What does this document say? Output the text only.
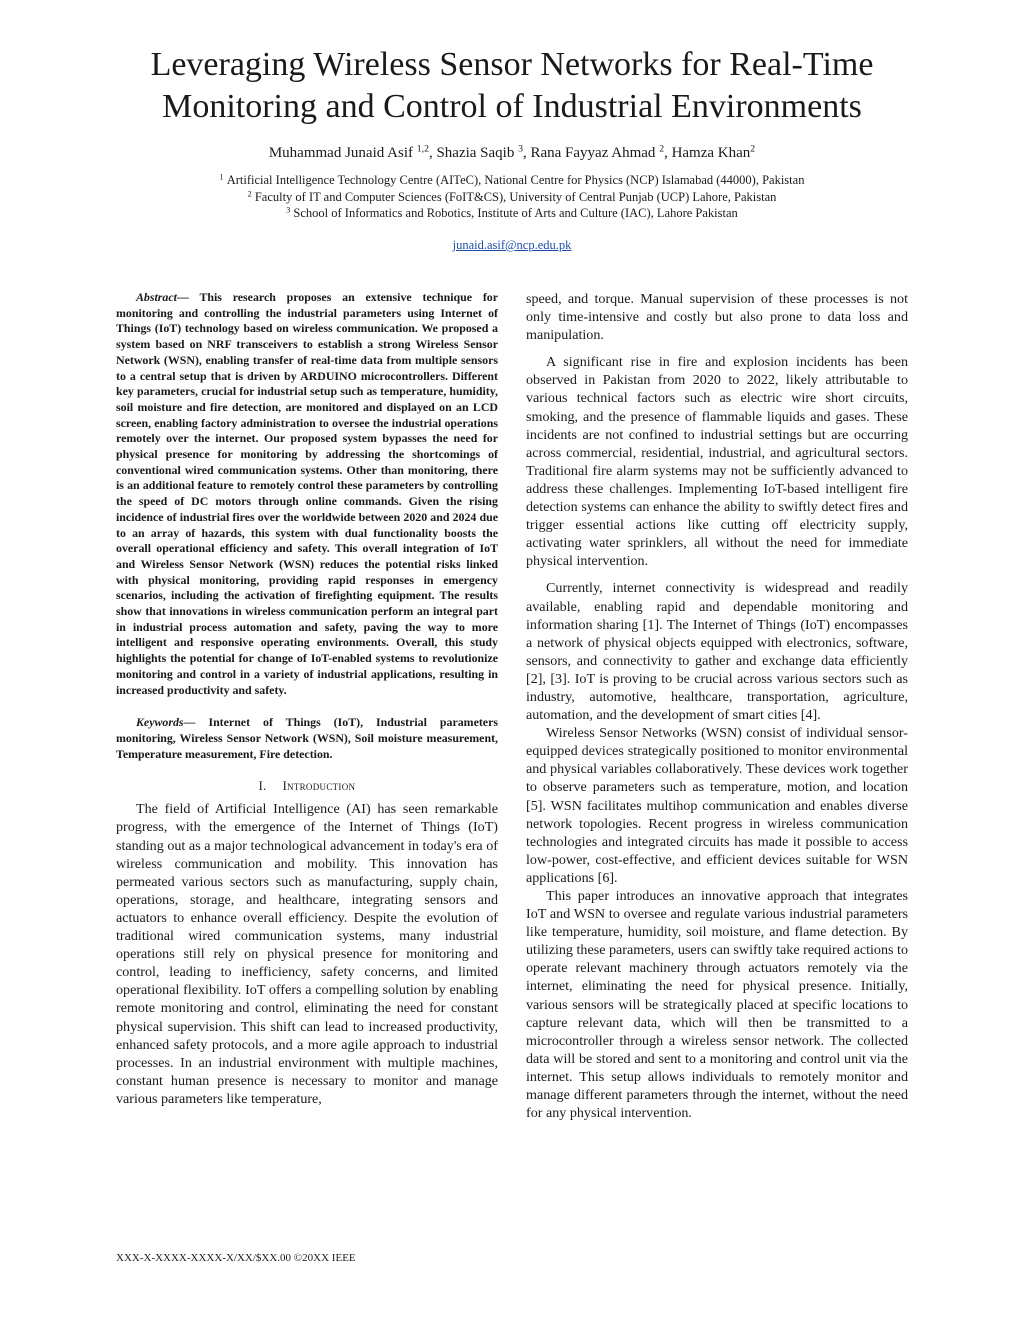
Leveraging Wireless Sensor Networks for Real-Time
Monitoring and Control of Industrial Environments
Muhammad Junaid Asif $^{1,2}$, Shazia Saqib $^3$, Rana Fayyaz Ahmad $^2$, Hamza Khan$^2$
$^1$ Artificial Intelligence Technology Centre (AITeC), National Centre for Physics (NCP) Islamabad (44000), Pakistan
$^2$ Faculty of IT and Computer Sciences (FoIT&CS), University of Central Punjab (UCP) Lahore, Pakistan
$^3$ School of Informatics and Robotics, Institute of Arts and Culture (IAC), Lahore Pakistan
junaid.asif@ncp.edu.pk

Abstract— This research proposes an extensive technique for monitoring and controlling the industrial parameters using Internet of Things (IoT) technology based on wireless communication. We proposed a system based on NRF transceivers to establish a strong Wireless Sensor Network (WSN), enabling transfer of real-time data from multiple sensors to a central setup that is driven by ARDUINO microcontrollers. Different key parameters, crucial for industrial setup such as temperature, humidity, soil moisture and fire detection, are monitored and displayed on an LCD screen, enabling factory administration to oversee the industrial operations remotely over the internet. Our proposed system bypasses the need for physical presence for monitoring by addressing the shortcomings of conventional wired communication systems. Other than monitoring, there is an additional feature to remotely control these parameters by controlling the speed of DC motors through online commands. Given the rising incidence of industrial fires over the worldwide between 2020 and 2024 due to an array of hazards, this system with dual functionality boosts the overall operational efficiency and safety. This overall integration of IoT and Wireless Sensor Network (WSN) reduces the potential risks linked with physical monitoring, providing rapid responses in emergency scenarios, including the activation of firefighting equipment. The results show that innovations in wireless communication perform an integral part in industrial process automation and safety, paving the way to more intelligent and responsive operating environments. Overall, this study highlights the potential for change of IoT-enabled systems to revolutionize monitoring and control in a variety of industrial applications, resulting in increased productivity and safety.

Keywords— Internet of Things (IoT), Industrial parameters monitoring, Wireless Sensor Network (WSN), Soil moisture measurement, Temperature measurement, Fire detection.

I. Introduction

The field of Artificial Intelligence (AI) has seen remarkable progress, with the emergence of the Internet of Things (IoT) standing out as a major technological advancement in today's era of wireless communication and mobility. This innovation has permeated various sectors such as manufacturing, supply chain, operations, storage, and healthcare, integrating sensors and actuators to enhance overall efficiency. Despite the evolution of traditional wired communication systems, many industrial operations still rely on physical presence for monitoring and control, leading to inefficiency, safety concerns, and limited operational flexibility. IoT offers a compelling solution by enabling remote monitoring and control, eliminating the need for constant physical supervision. This shift can lead to increased productivity, enhanced safety protocols, and a more agile approach to industrial processes. In an industrial environment with multiple machines, constant human presence is necessary to monitor and manage various parameters like temperature,

speed, and torque. Manual supervision of these processes is not only time-intensive and costly but also prone to data loss and manipulation.

A significant rise in fire and explosion incidents has been observed in Pakistan from 2020 to 2022, likely attributable to various technical factors such as electric wire short circuits, smoking, and the presence of flammable liquids and gases. These incidents are not confined to industrial settings but are occurring across commercial, residential, industrial, and agricultural sectors. Traditional fire alarm systems may not be sufficiently advanced to address these challenges. Implementing IoT-based intelligent fire detection systems can enhance the ability to swiftly detect fires and trigger essential actions like cutting off electricity supply, activating water sprinklers, all without the need for immediate physical intervention.

Currently, internet connectivity is widespread and readily available, enabling rapid and dependable monitoring and information sharing [1]. The Internet of Things (IoT) encompasses a network of physical objects equipped with electronics, software, sensors, and connectivity to gather and exchange data efficiently [2], [3]. IoT is proving to be crucial across various sectors such as industry, automotive, healthcare, transportation, agriculture, automation, and the development of smart cities [4].

Wireless Sensor Networks (WSN) consist of individual sensor-equipped devices strategically positioned to monitor environmental and physical variables collaboratively. These devices work together to observe parameters such as temperature, motion, and location [5]. WSN facilitates multihop communication and enables diverse network topologies. Recent progress in wireless communication technologies and integrated circuits has made it possible to access low-power, cost-effective, and efficient devices suitable for WSN applications [6].

This paper introduces an innovative approach that integrates IoT and WSN to oversee and regulate various industrial parameters like temperature, humidity, soil moisture, and flame detection. By utilizing these parameters, users can swiftly take required actions to operate relevant machinery through actuators remotely via the internet, eliminating the need for physical presence. Initially, various sensors will be strategically placed at specific locations to capture relevant data, which will then be transmitted to a microcontroller through a wireless sensor network. The collected data will be stored and sent to a monitoring and control unit via the internet. This setup allows individuals to remotely monitor and manage different parameters through the internet, without the need for any physical intervention.

XXX-X-XXXX-XXXX-X/XX/$XX.00 ©20XX IEEE
